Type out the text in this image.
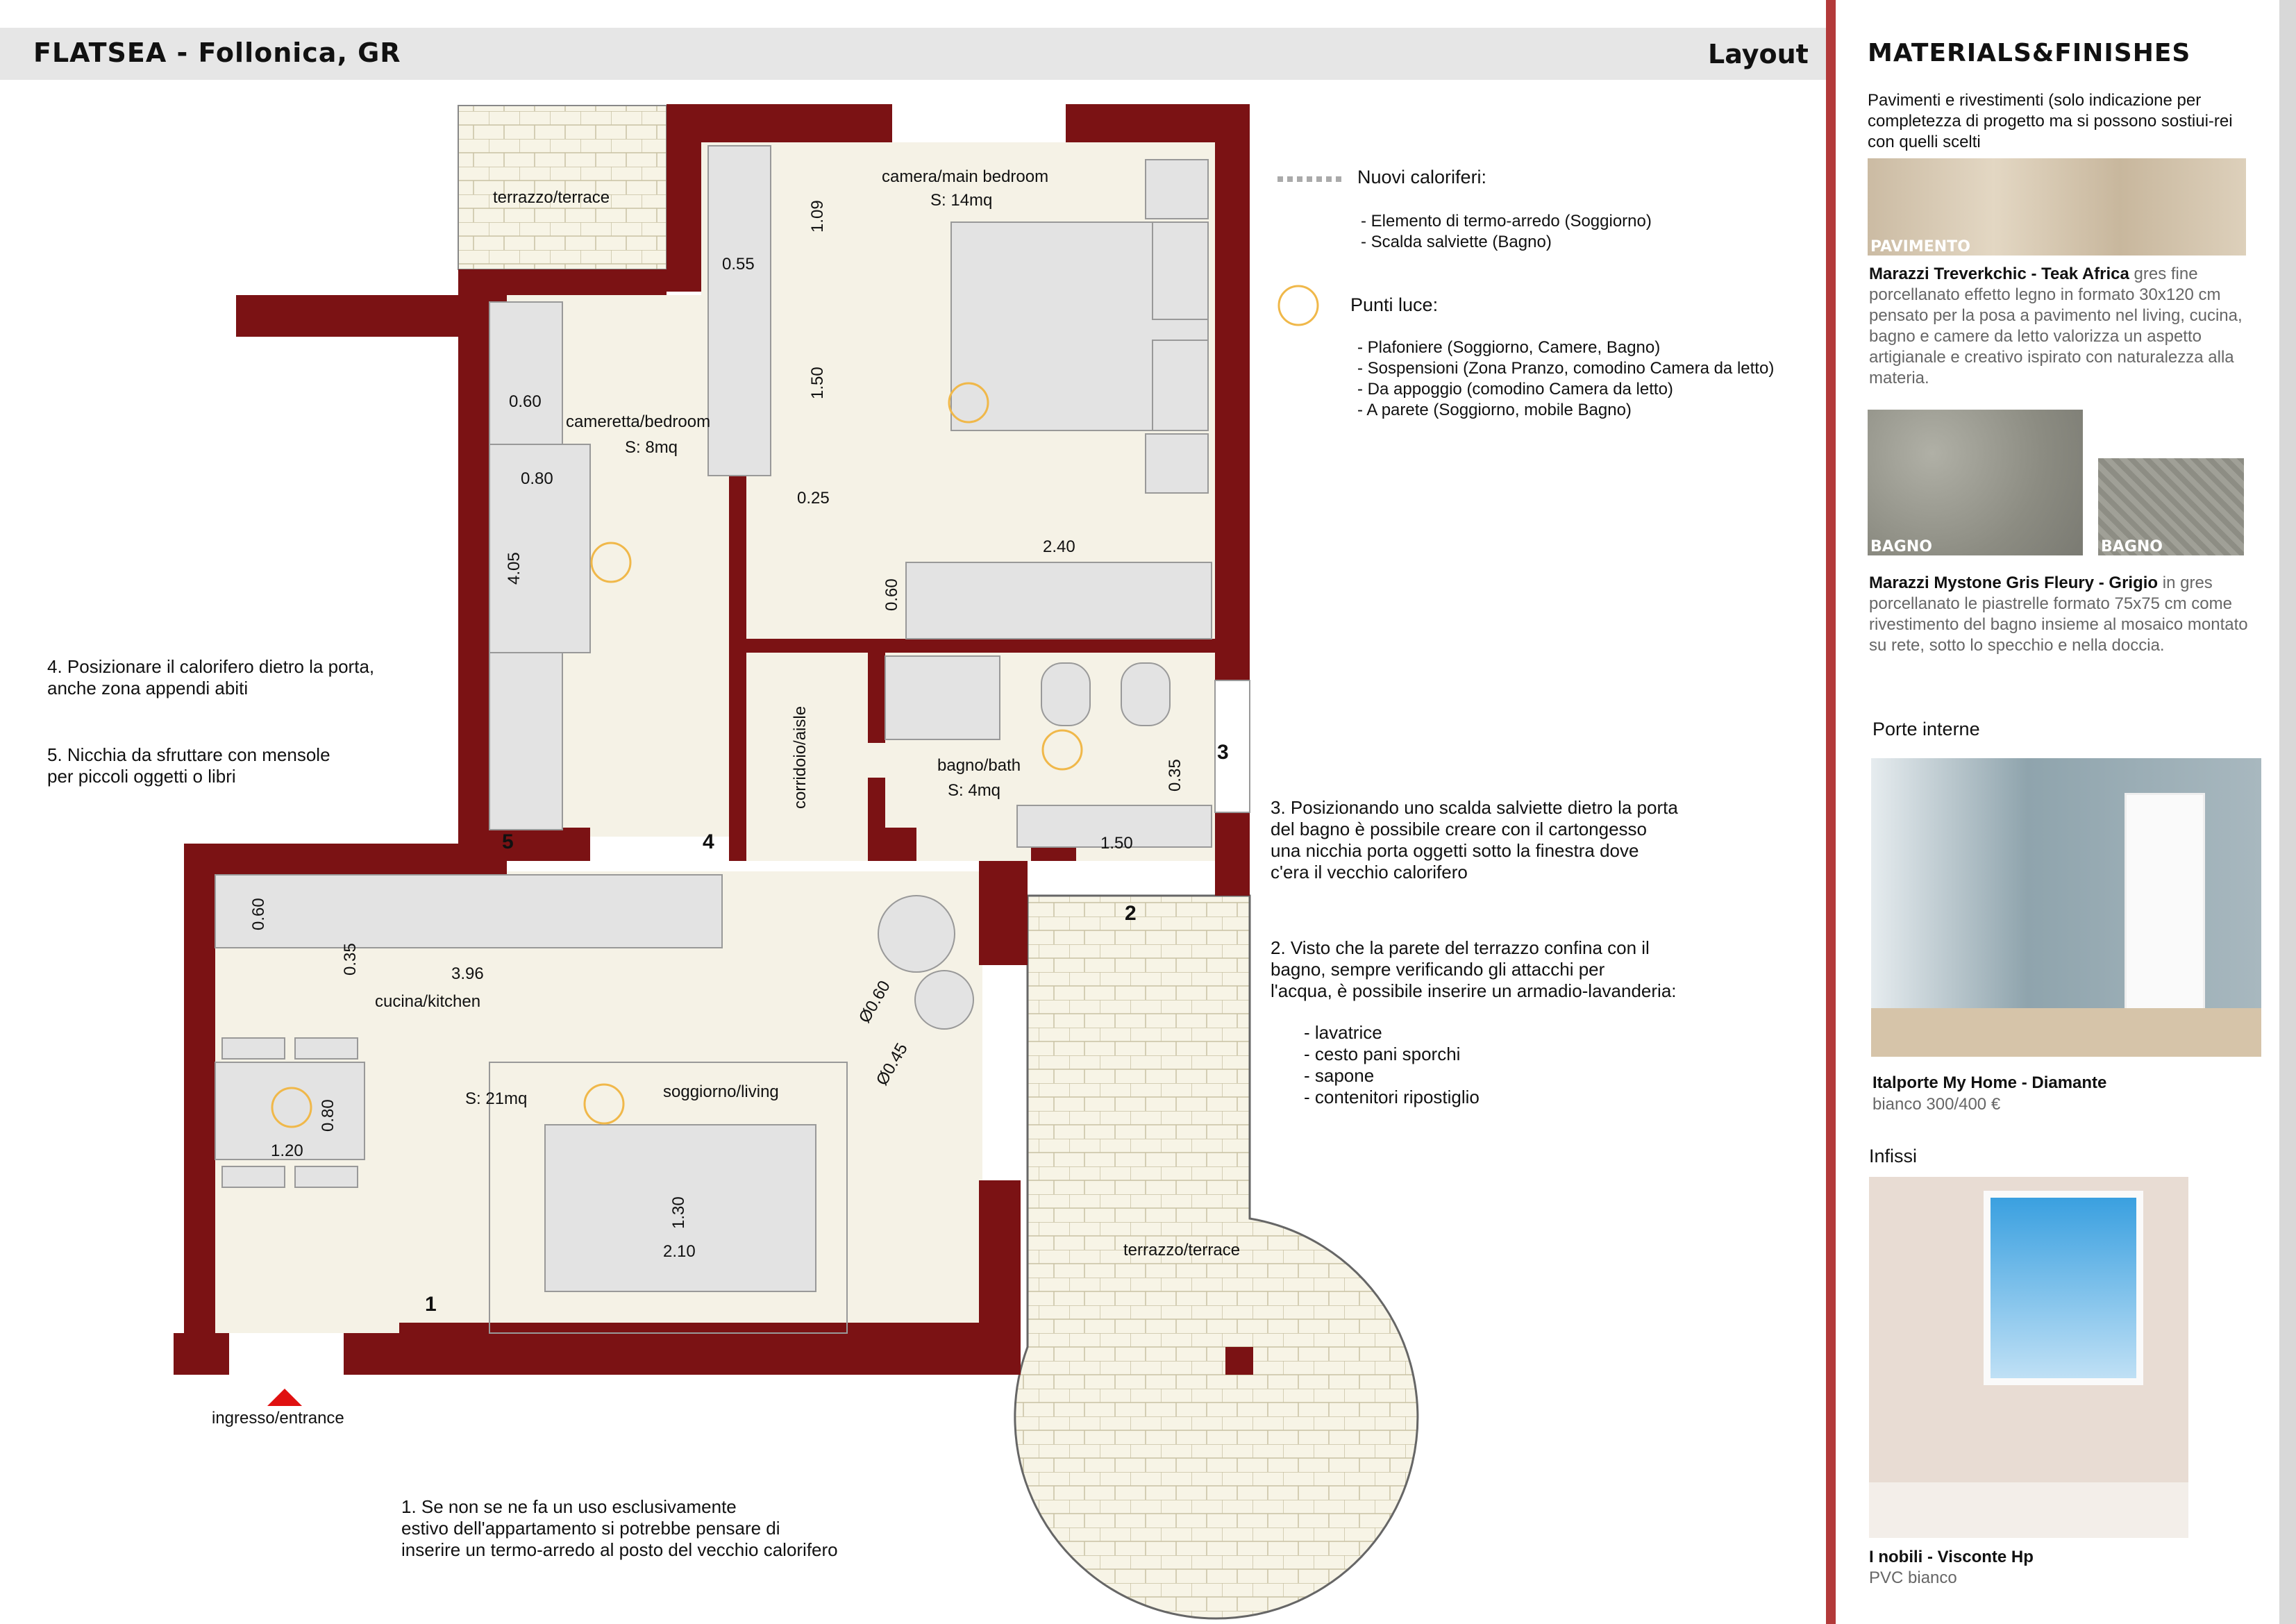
FLATSEA - Follonica, GR	Layout MATERIALS&FINISHES
terrazzo/terrace
camera/main bedroom
S: 14mq
cameretta/bedroom
S: 8mq
corridoio/aisle	bagno/bath
S: 4mq
cucina/kitchen
soggiorno/living
S: 21mq
terrazzo/terrace
ingresso/entrance
1.09
0.55
1.50
0.25
0.60
0.80
4.05
2.40
0.60
0.35
1.50
0.60
0.35	3.96
Ø0.60
Ø0.45
0.80
1.20
1.30
2.10
1
2
3
4
5
Nuovi caloriferi:
- Elemento di termo-arredo (Soggiorno)
- Scalda salviette (Bagno)
Punti luce:
- Plafoniere (Soggiorno, Camere, Bagno)
- Sospensioni (Zona Pranzo, comodino Camera da letto)
- Da appoggio (comodino Camera da letto)
- A parete (Soggiorno, mobile Bagno)
4. Posizionare il calorifero dietro la porta,
anche zona appendi abiti
5. Nicchia da sfruttare con mensole
per piccoli oggetti o libri
3. Posizionando uno scalda salviette dietro la porta
del bagno è possibile creare con il cartongesso
una nicchia porta oggetti sotto la finestra dove
c'era il vecchio calorifero
2. Visto che la parete del terrazzo confina con il
bagno, sempre verificando gli attacchi per
l'acqua, è possibile inserire un armadio-lavanderia:
- lavatrice
- cesto pani sporchi
- sapone
- contenitori ripostiglio
1. Se non se ne fa un uso esclusivamente
estivo dell'appartamento si potrebbe pensare di
inserire un termo-arredo al posto del vecchio calorifero
Pavimenti e rivestimenti (solo indicazione per completezza di progetto ma si possono sostiui-rei con quelli scelti
PAVIMENTO
Marazzi Treverkchic - Teak Africa gres fine porcellanato effetto legno in formato 30x120 cm pensato per la posa a pavimento nel living, cucina, bagno e camere da letto valorizza un aspetto artigianale e creativo ispirato con naturalezza alla materia.
BAGNO	BAGNO
Marazzi Mystone Gris Fleury - Grigio in gres porcellanato le piastrelle formato 75x75 cm come rivestimento del bagno insieme al mosaico montato su rete, sotto lo specchio e nella doccia.
Porte interne
Italporte My Home - Diamante
bianco 300/400 €
Infissi
I nobili - Visconte Hp
PVC bianco
